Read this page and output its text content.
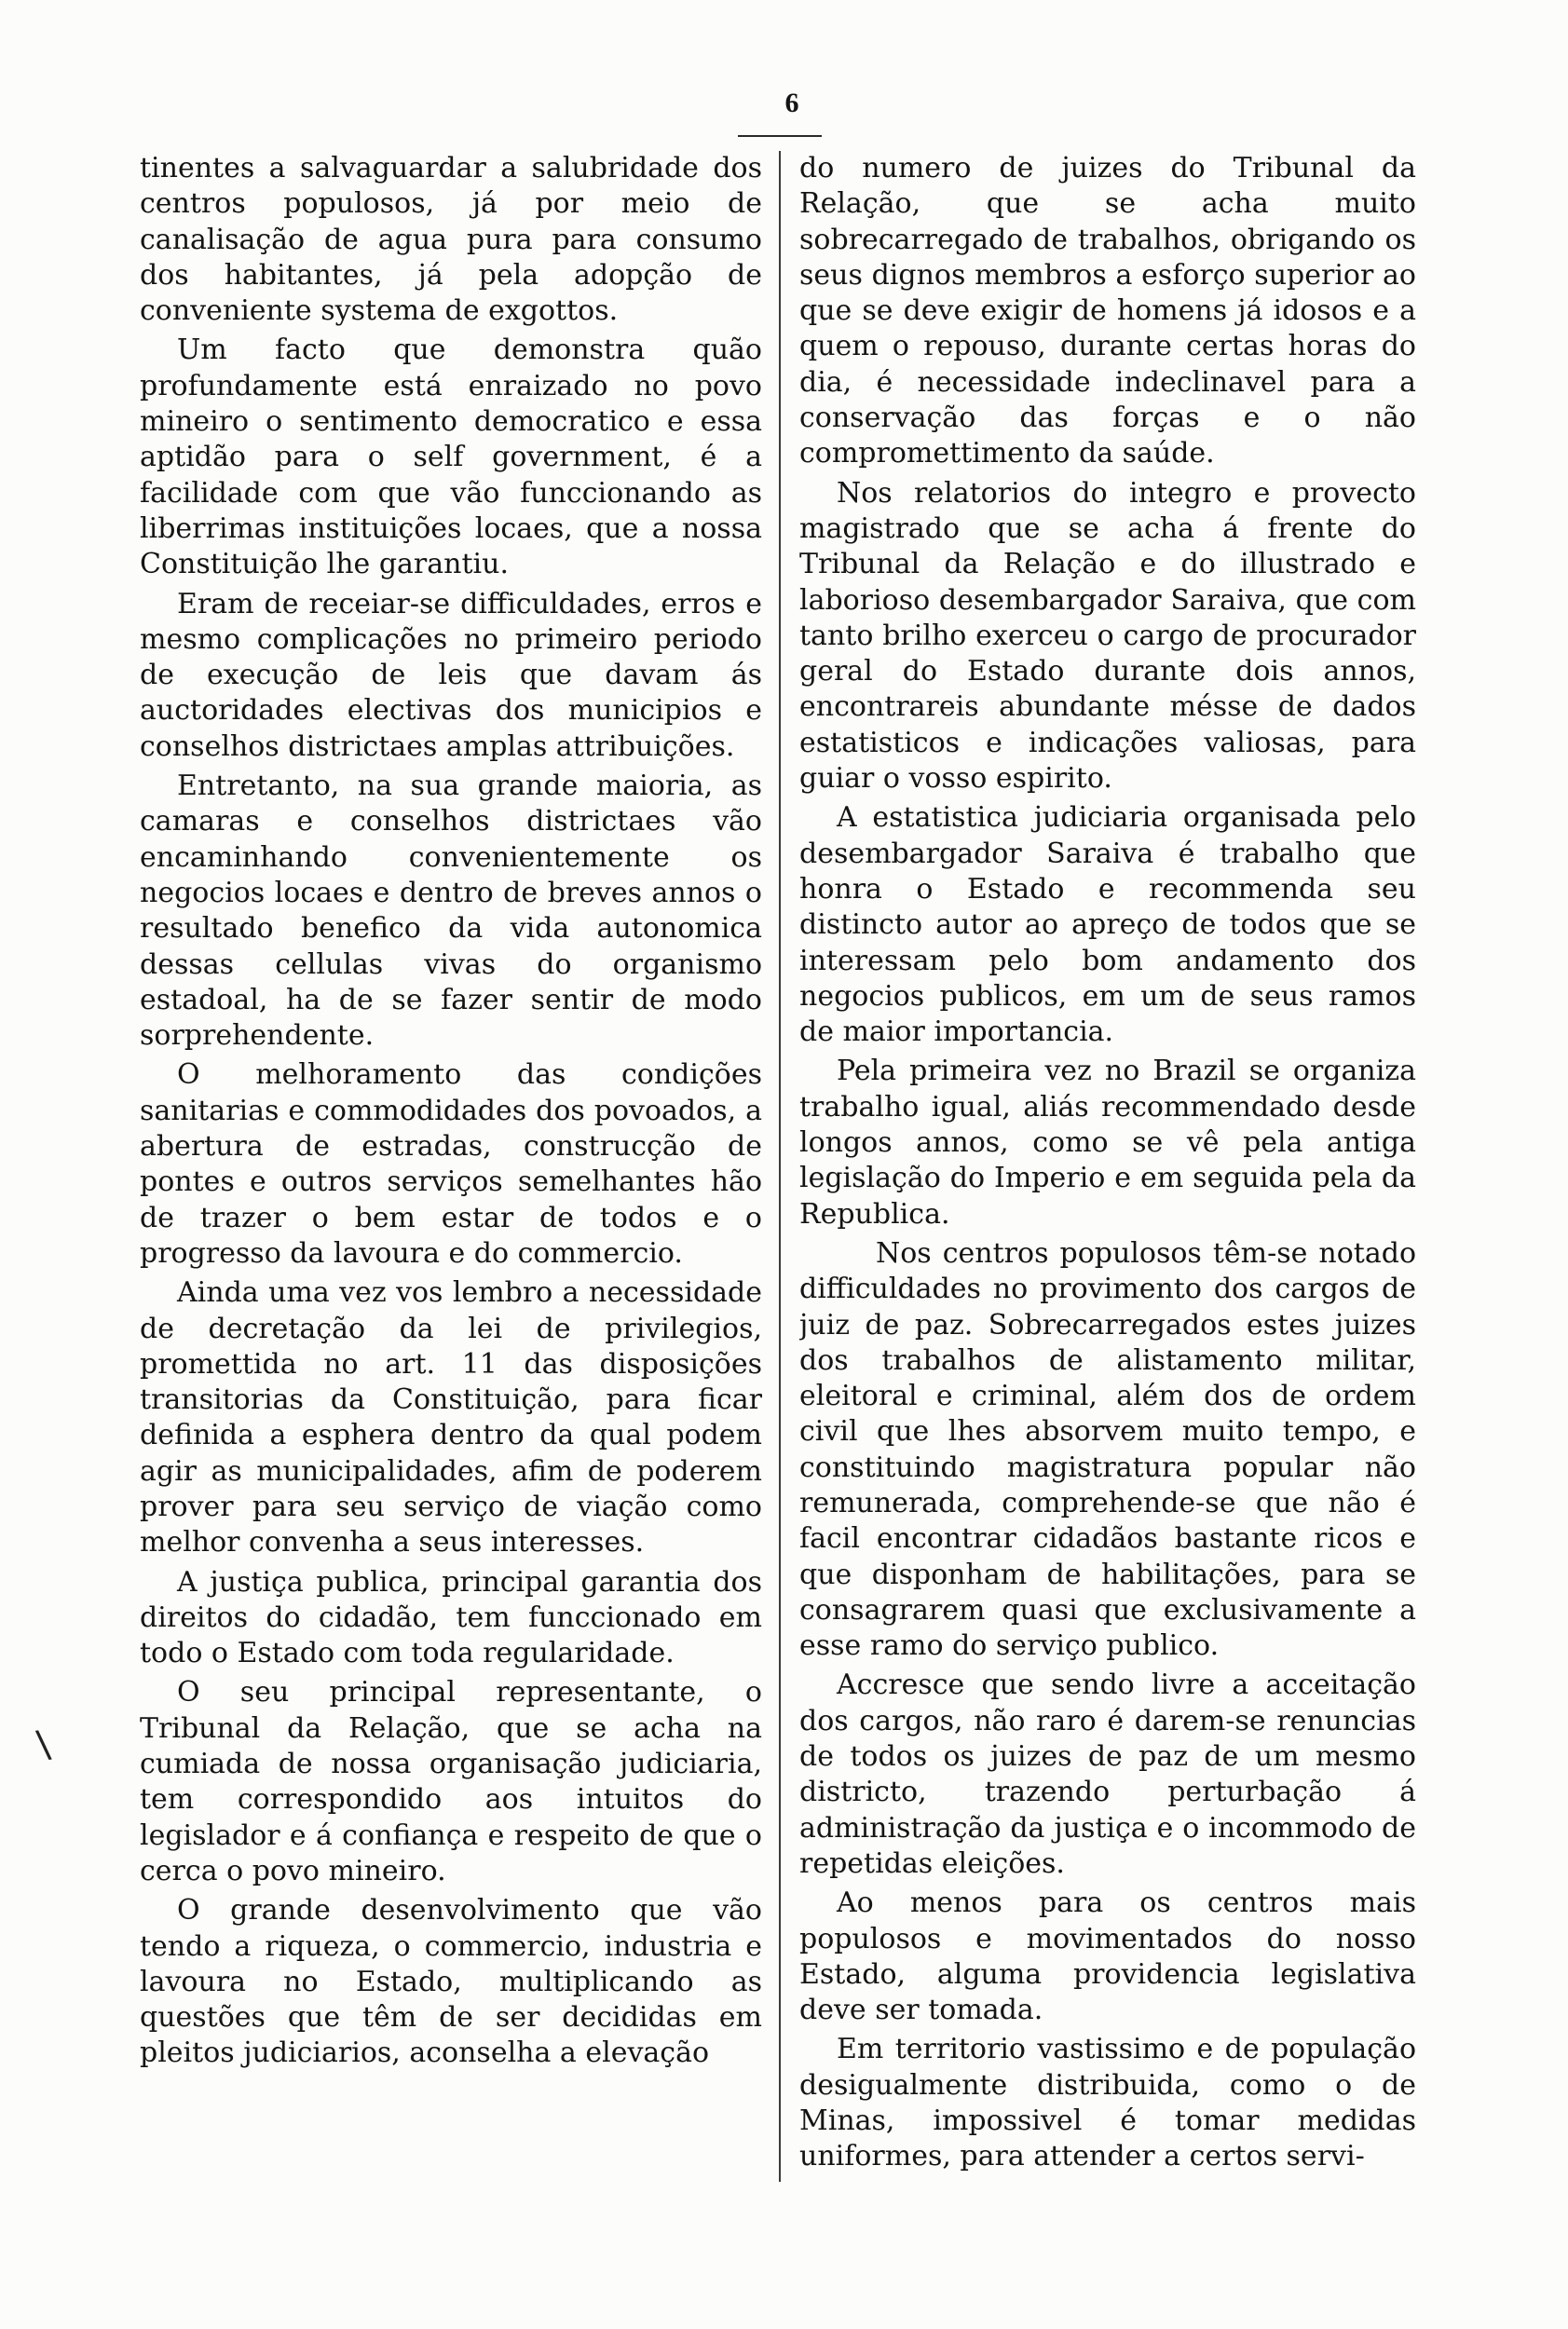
6

tinentes a salvaguardar a salubridade dos centros populosos, já por meio de canalisação de agua pura para consumo dos habitantes, já pela adopção de conveniente systema de exgottos.

Um facto que demonstra quão profundamente está enraizado no povo mineiro o sentimento democratico e essa aptidão para o self government, é a facilidade com que vão funccionando as liberrimas instituições locaes, que a nossa Constituição lhe garantiu.

Eram de receiar-se difficuldades, erros e mesmo complicações no primeiro periodo de execução de leis que davam ás auctoridades electivas dos municipios e conselhos districtaes amplas attribuições.

Entretanto, na sua grande maioria, as camaras e conselhos districtaes vão encaminhando convenientemente os negocios locaes e dentro de breves annos o resultado benefico da vida autonomica dessas cellulas vivas do organismo estadoal, ha de se fazer sentir de modo sorprehendente.

O melhoramento das condições sanitarias e commodidades dos povoados, a abertura de estradas, construcção de pontes e outros serviços semelhantes hão de trazer o bem estar de todos e o progresso da lavoura e do commercio.

Ainda uma vez vos lembro a necessidade de decretação da lei de privilegios, promettida no art. 11 das disposições transitorias da Constituição, para ficar definida a esphera dentro da qual podem agir as municipalidades, afim de poderem prover para seu serviço de viação como melhor convenha a seus interesses.

A justiça publica, principal garantia dos direitos do cidadão, tem funccionado em todo o Estado com toda regularidade.

O seu principal representante, o Tribunal da Relação, que se acha na cumiada de nossa organisação judiciaria, tem correspondido aos intuitos do legislador e á confiança e respeito de que o cerca o povo mineiro.

O grande desenvolvimento que vão tendo a riqueza, o commercio, industria e lavoura no Estado, multiplicando as questões que têm de ser decididas em pleitos judiciarios, aconselha a elevação

do numero de juizes do Tribunal da Relação, que se acha muito sobrecarregado de trabalhos, obrigando os seus dignos membros a esforço superior ao que se deve exigir de homens já idosos e a quem o repouso, durante certas horas do dia, é necessidade indeclinavel para a conservação das forças e o não compromettimento da saúde.

Nos relatorios do integro e provecto magistrado que se acha á frente do Tribunal da Relação e do illustrado e laborioso desembargador Saraiva, que com tanto brilho exerceu o cargo de procurador geral do Estado durante dois annos, encontrareis abundante mésse de dados estatisticos e indicações valiosas, para guiar o vosso espirito.

A estatistica judiciaria organisada pelo desembargador Saraiva é trabalho que honra o Estado e recommenda seu distincto autor ao apreço de todos que se interessam pelo bom andamento dos negocios publicos, em um de seus ramos de maior importancia.

Pela primeira vez no Brazil se organiza trabalho igual, aliás recommendado desde longos annos, como se vê pela antiga legislação do Imperio e em seguida pela da Republica.

Nos centros populosos têm-se notado difficuldades no provimento dos cargos de juiz de paz. Sobrecarregados estes juizes dos trabalhos de alistamento militar, eleitoral e criminal, além dos de ordem civil que lhes absorvem muito tempo, e constituindo magistratura popular não remunerada, comprehende-se que não é facil encontrar cidadãos bastante ricos e que disponham de habilitações, para se consagrarem quasi que exclusivamente a esse ramo do serviço publico.

Accresce que sendo livre a acceitação dos cargos, não raro é darem-se renuncias de todos os juizes de paz de um mesmo districto, trazendo perturbação á administração da justiça e o incommodo de repetidas eleições.

Ao menos para os centros mais populosos e movimentados do nosso Estado, alguma providencia legislativa deve ser tomada.

Em territorio vastissimo e de população desigualmente distribuida, como o de Minas, impossivel é tomar medidas uniformes, para attender a certos servi-

\
